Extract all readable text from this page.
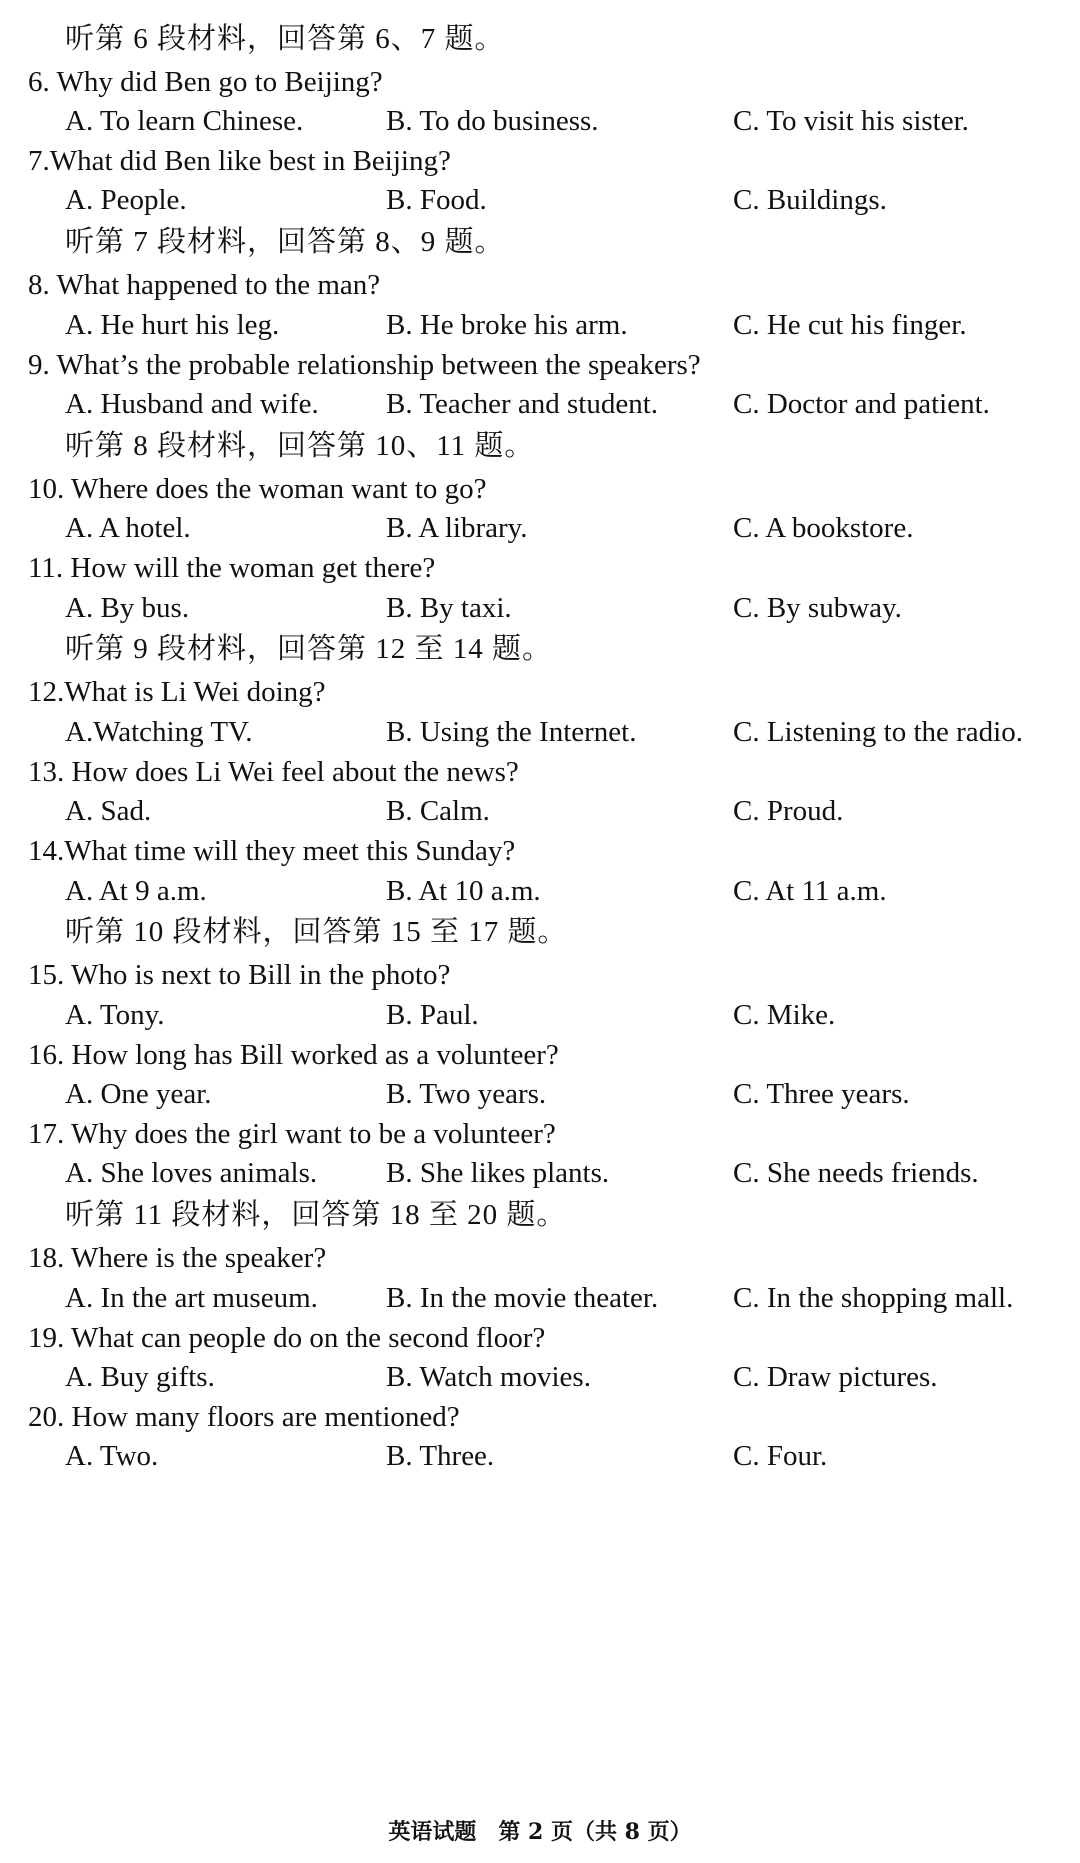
听第 6 段材料，回答第 6、7 题。
6. Why did Ben go to Beijing?
A. To learn Chinese.	B. To do business.	C. To visit his sister.
7.What did Ben like best in Beijing?
A. People.	B. Food.	C. Buildings.
听第 7 段材料，回答第 8、9 题。
8. What happened to the man?
A. He hurt his leg.	B. He broke his arm.	C. He cut his finger.
9. What’s the probable relationship between the speakers?
A. Husband and wife. B. Teacher and student.	C. Doctor and patient.
听第 8 段材料，回答第 10、11 题。
10. Where does the woman want to go?
A. A hotel.	B. A library.	C. A bookstore.
11. How will the woman get there?
A. By bus.	B. By taxi.	C. By subway.
听第 9 段材料，回答第 12 至 14 题。
12.What is Li Wei doing?
A.Watching TV.	B. Using the Internet.	C. Listening to the radio.
13. How does Li Wei feel about the news?
A. Sad.	B. Calm.	C. Proud.
14.What time will they meet this Sunday?
A. At 9 a.m.	B. At 10 a.m.	C. At 11 a.m.
听第 10 段材料，回答第 15 至 17 题。
15. Who is next to Bill in the photo?
A. Tony.	B. Paul.	C. Mike.
16. How long has Bill worked as a volunteer?
A. One year.	B. Two years.	C. Three years.
17. Why does the girl want to be a volunteer?
A. She loves animals. B. She likes plants.	C. She needs friends.
听第 11 段材料，回答第 18 至 20 题。
18. Where is the speaker?
A. In the art museum. B. In the movie theater.	C. In the shopping mall.
19. What can people do on the second floor?
A. Buy gifts.	B. Watch movies.	C. Draw pictures.
20. How many floors are mentioned?
A. Two.	B. Three.	C. Four.
英语试题　第 2 页（共 8 页）
